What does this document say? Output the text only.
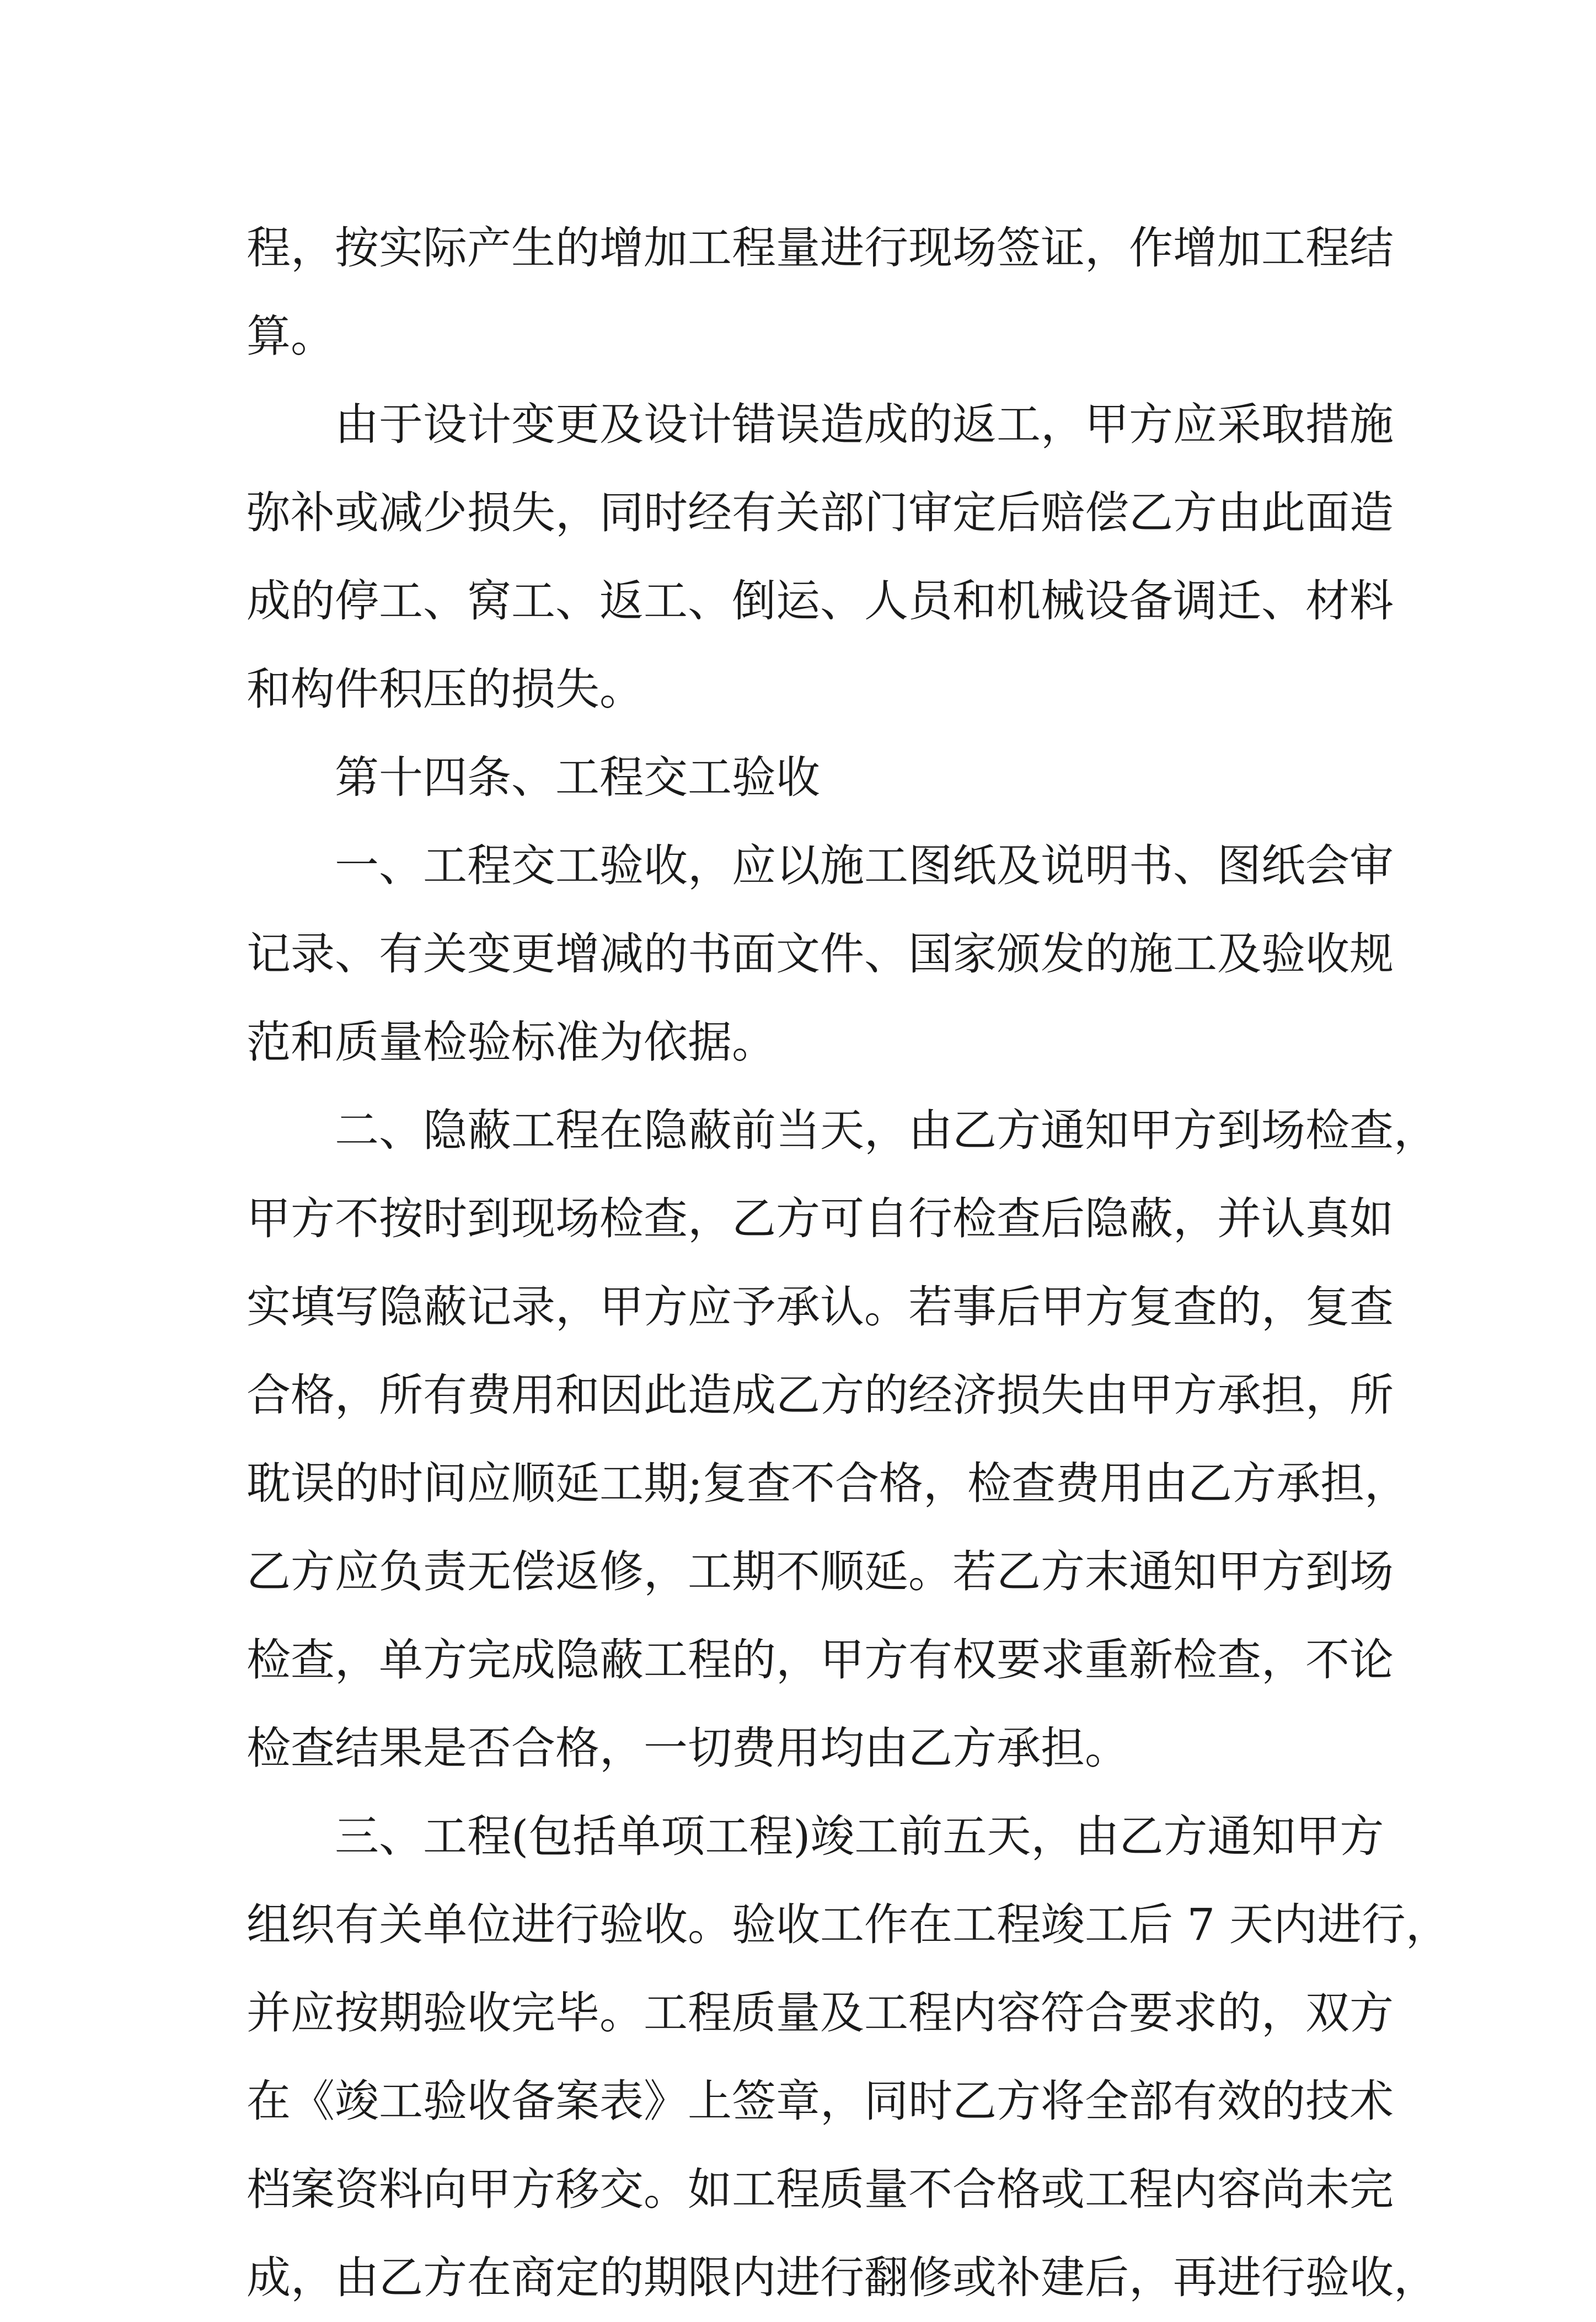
程，按实际产生的增加工程量进行现场签证，作增加工程结
算。
由于设计变更及设计错误造成的返工，甲方应采取措施
弥补或减少损失，同时经有关部门审定后赔偿乙方由此面造
成的停工、窝工、返工、倒运、人员和机械设备调迁、材料
和构件积压的损失。
第十四条、工程交工验收
一、工程交工验收，应以施工图纸及说明书、图纸会审
记录、有关变更增减的书面文件、国家颁发的施工及验收规
范和质量检验标准为依据。
二、隐蔽工程在隐蔽前当天，由乙方通知甲方到场检查，
甲方不按时到现场检查，乙方可自行检查后隐蔽，并认真如
实填写隐蔽记录，甲方应予承认。若事后甲方复查的，复查
合格，所有费用和因此造成乙方的经济损失由甲方承担，所
耽误的时间应顺延工期;复查不合格，检查费用由乙方承担，
乙方应负责无偿返修，工期不顺延。若乙方末通知甲方到场
检查，单方完成隐蔽工程的，甲方有权要求重新检查，不论
检查结果是否合格，一切费用均由乙方承担。
三、工程(包括单项工程)竣工前五天，由乙方通知甲方
组织有关单位进行验收。验收工作在工程竣工后 7 天内进行，
并应按期验收完毕。工程质量及工程内容符合要求的，双方
在《竣工验收备案表》上签章，同时乙方将全部有效的技术
档案资料向甲方移交。如工程质量不合格或工程内容尚未完
成，由乙方在商定的期限内进行翻修或补建后，再进行验收，
